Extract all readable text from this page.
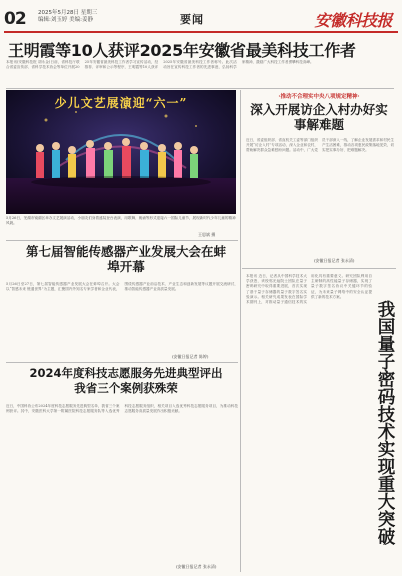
02 2025年5月28日 星期三
编辑:刘玉婷 美编:姜静	要闻	安徽科技报
王明霞等10人获评2025年安徽省最美科技工作者
本报讯(安徽科技报 胡永金)日前，省科技厅联合省委宣传部、省科学技术协会等单位开展2025年安徽省最美科技工作者学习宣传活动，经推荐、评审和公示等程序，王明霞等10人获评2025年安徽省最美科技工作者称号。此次活动旨在宣传科技工作者的先进事迹，弘扬科学家精神，激励广大科技工作者勇攀科技高峰。
少儿文艺展演迎“六一”
5月26日，芜湖市镜湖区举办文艺展演活动，小朋友们身着盛装登台表演，用歌舞、朗诵等形式迎接六一国际儿童节，展现新时代少年儿童的精神风貌。
王思斌 摄
·推动不合理实中央八项规定精神·
深入开展访企入村办好实事解难题
近日，省委组织部、省直机关工委等部门组织开展“访企入村”专项活动，深入企业和农村，帮助解决群众急难愁盼问题。活动中，广大党员干部深入一线，了解企业发展需求和村民生产生活困难，推动各项惠民政策落地见效，切实把实事办好、把难题解决。
(安徽日报记者 张永清)
第七届智能传感器产业发展大会在蚌埠开幕
5月26日至27日，第七届智能传感器产业发展大会在蚌埠召开。大会以“智感未来 链通世界”为主题，汇聚国内外知名专家学者和企业代表，围绕传感器产业前沿技术、产业生态和创新发展等议题开展交流研讨，推动智能传感器产业高质量发展。
(安徽日报记者 陈婷)
2024年度科技志愿服务先进典型评出 我省三个案例获殊荣
近日，中国科协公布2024年度科技志愿服务先进典型名单，我省三个案例获评。其中，安徽医科大学第一附属医院科技志愿服务队等入选优秀科技志愿服务组织，相关项目入选优秀科技志愿服务项目，为推动科技志愿服务高质量发展作出积极贡献。
(安徽日报记者 张永清)
本报讯 近日，记者从中国科学技术大学获悉，该校郭光灿院士团队在量子密码研究中取得重要进展，首次实现了基于量子存储器的量子数字签名实验演示。相关研究成果发表在国际学术期刊上，对推动量子通信技术的实用化具有重要意义。研究团队利用自主研制的高性能量子存储器，实现了量子数字签名协议中关键环节的验证，为未来量子网络中的安全认证提供了新的技术方案。
我国量子密码技术实现重大突破
